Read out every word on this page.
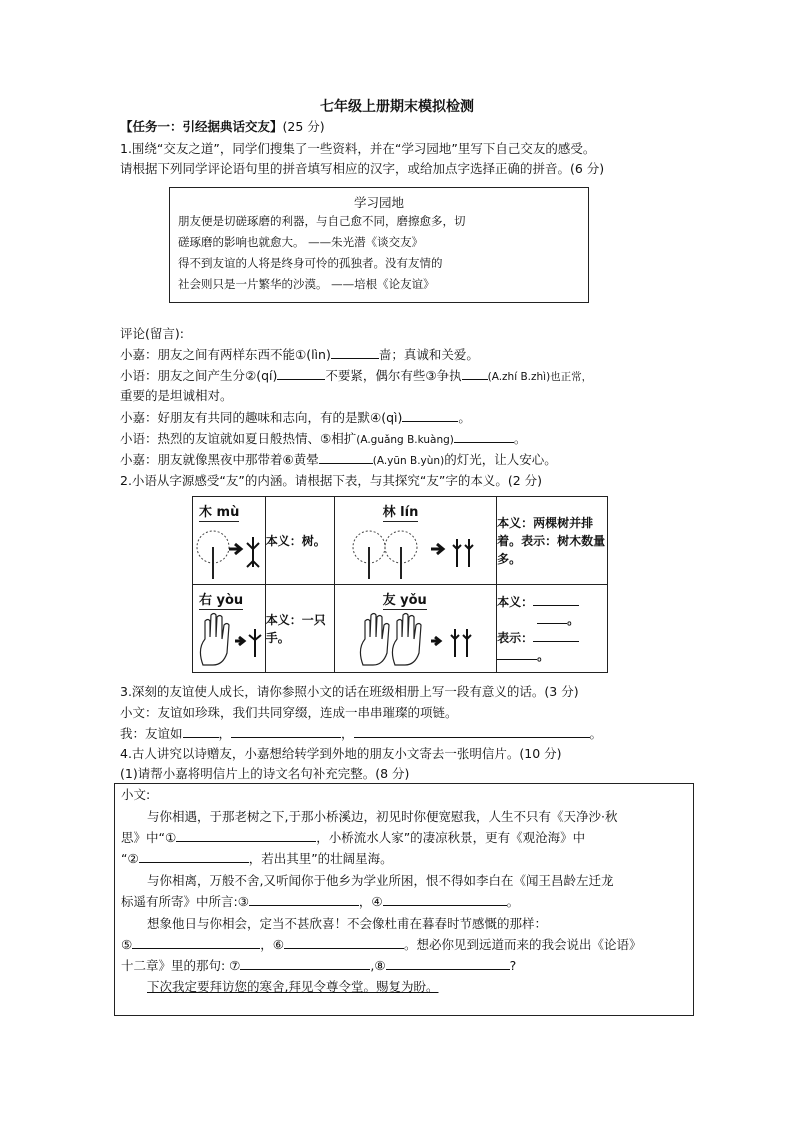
七年级上册期末模拟检测
【任务一：引经据典话交友】(25 分)
1.围绕“交友之道”，同学们搜集了一些资料，并在“学习园地”里写下自己交友的感受。
请根据下列同学评论语句里的拼音填写相应的汉字，或给加点字选择正确的拼音。(6 分)
学习园地
朋友便是切磋琢磨的利器，与自己愈不同，磨擦愈多，切
磋琢磨的影响也就愈大。 ——朱光潜《谈交友》
得不到友谊的人将是终身可怜的孤独者。没有友情的
社会则只是一片繁华的沙漠。 ——培根《论友谊》
评论(留言):
小嘉：朋友之间有两样东西不能①(lìn)	啬；真诚和关爱。
小语：朋友之间产生分②(qí)	不要紧，偶尔有些③争执 (A.zhí B.zhì)也正常，
重要的是坦诚相对。
小嘉：好朋友有共同的趣味和志向，有的是默④(qì)	。
小语：热烈的友谊就如夏日般热情、⑤相扩(A.guǎng B.kuàng)	。
小嘉：朋友就像黑夜中那带着⑥黄晕	(A.yūn B.yùn)的灯光，让人安心。
2.小语从字源感受“友”的内涵。请根据下表，与其探究“友”字的本义。(2 分)
木 mù	本义：树。	林 lín	本义：两棵树并排着。表示：树木数量多。

右 yòu	本义：一只手。	友 yǒu	本义：
。
表示：
。
3.深刻的友谊使人成长，请你参照小文的话在班级相册上写一段有意义的话。(3 分)
小文：友谊如珍珠，我们共同穿缀，连成一串串璀璨的项链。
我：友谊如	，	，	。
4.古人讲究以诗赠友，小嘉想给转学到外地的朋友小文寄去一张明信片。(10 分)
(1)请帮小嘉将明信片上的诗文名句补充完整。(8 分)
小文:
与你相遇，于那老树之下,于那小桥溪边，初见时你便宽慰我，人生不只有《天净沙·秋
思》中“①	，小桥流水人家”的凄凉秋景，更有《观沧海》中
“②	，若出其里”的壮阔星海。
与你相离，万般不舍,又听闻你于他乡为学业所困，恨不得如李白在《闻王昌龄左迁龙
标遥有所寄》中所言:③	，④	。
想象他日与你相会，定当不甚欣喜！不会像杜甫在暮春时节感慨的那样：
⑤	，⑥	。想必你见到远道而来的我会说出《论语》
十二章》里的那句: ⑦	,⑧	?
下次我定要拜访您的寒舍,拜见令尊令堂。赐复为盼。
